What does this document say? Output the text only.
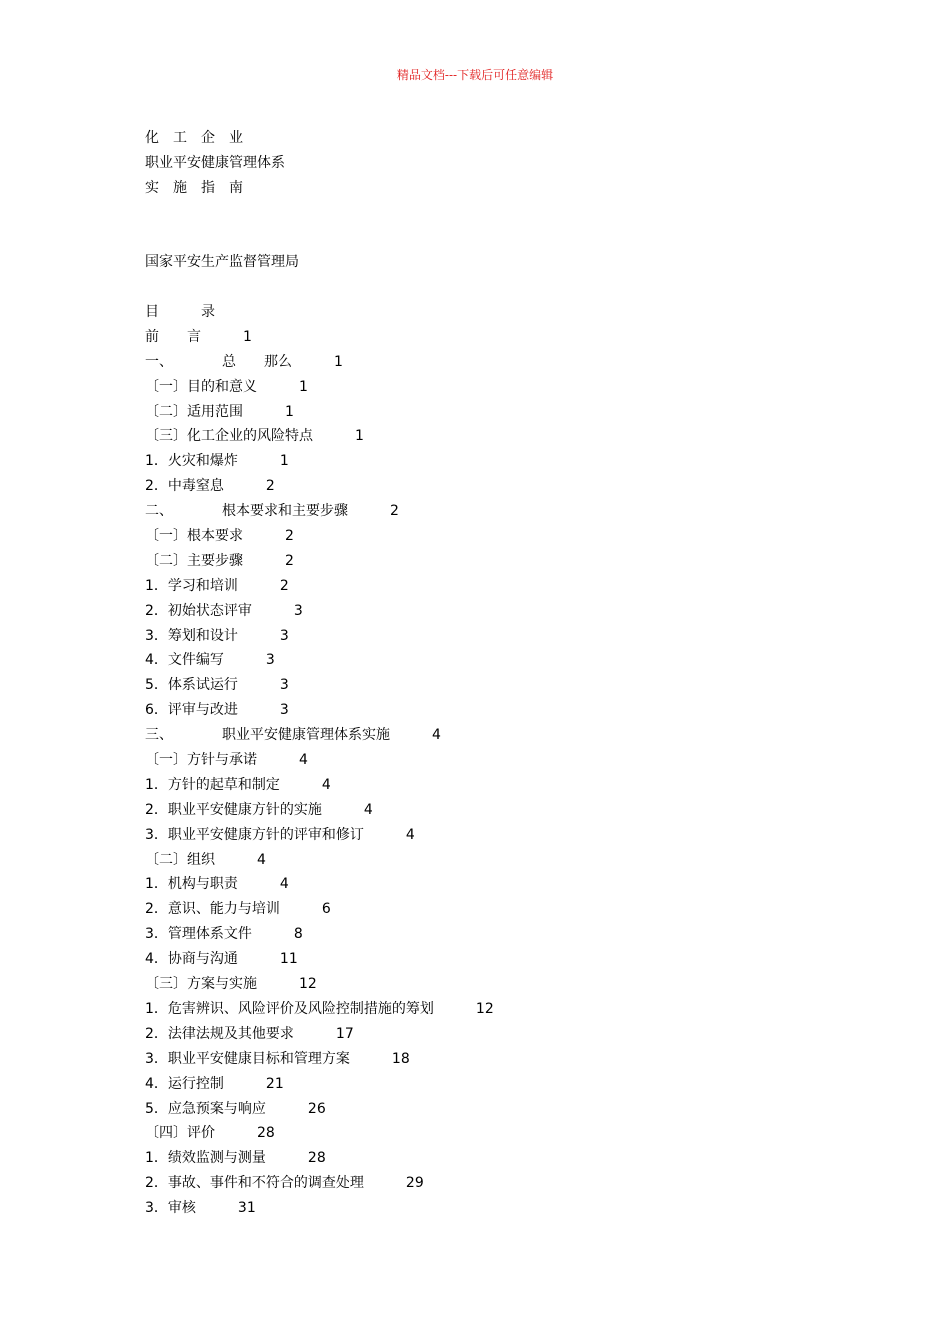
精品文档---下载后可任意编辑
化　工　企　业
职业平安健康管理体系
实　施　指　南
国家平安生产监督管理局
目　　　录
前　　言	1
一、　　　　总　　那么	1
〔一〕目的和意义	1
〔二〕适用范围	1
〔三〕化工企业的风险特点	1
1．火灾和爆炸	1
2．中毒窒息	2
二、　　　　根本要求和主要步骤	2
〔一〕根本要求	2
〔二〕主要步骤	2
1．学习和培训	2
2．初始状态评审	3
3．筹划和设计	3
4．文件编写	3
5．体系试运行	3
6．评审与改进	3
三、　　　　职业平安健康管理体系实施	4
〔一〕方针与承诺	4
1．方针的起草和制定	4
2．职业平安健康方针的实施	4
3．职业平安健康方针的评审和修订	4
〔二〕组织	4
1．机构与职责	4
2．意识、能力与培训	6
3．管理体系文件	8
4．协商与沟通	11
〔三〕方案与实施	12
1．危害辨识、风险评价及风险控制措施的筹划	12
2．法律法规及其他要求	17
3．职业平安健康目标和管理方案	18
4．运行控制	21
5．应急预案与响应	26
〔四〕评价	28
1．绩效监测与测量	28
2．事故、事件和不符合的调查处理	29
3．审核	31
